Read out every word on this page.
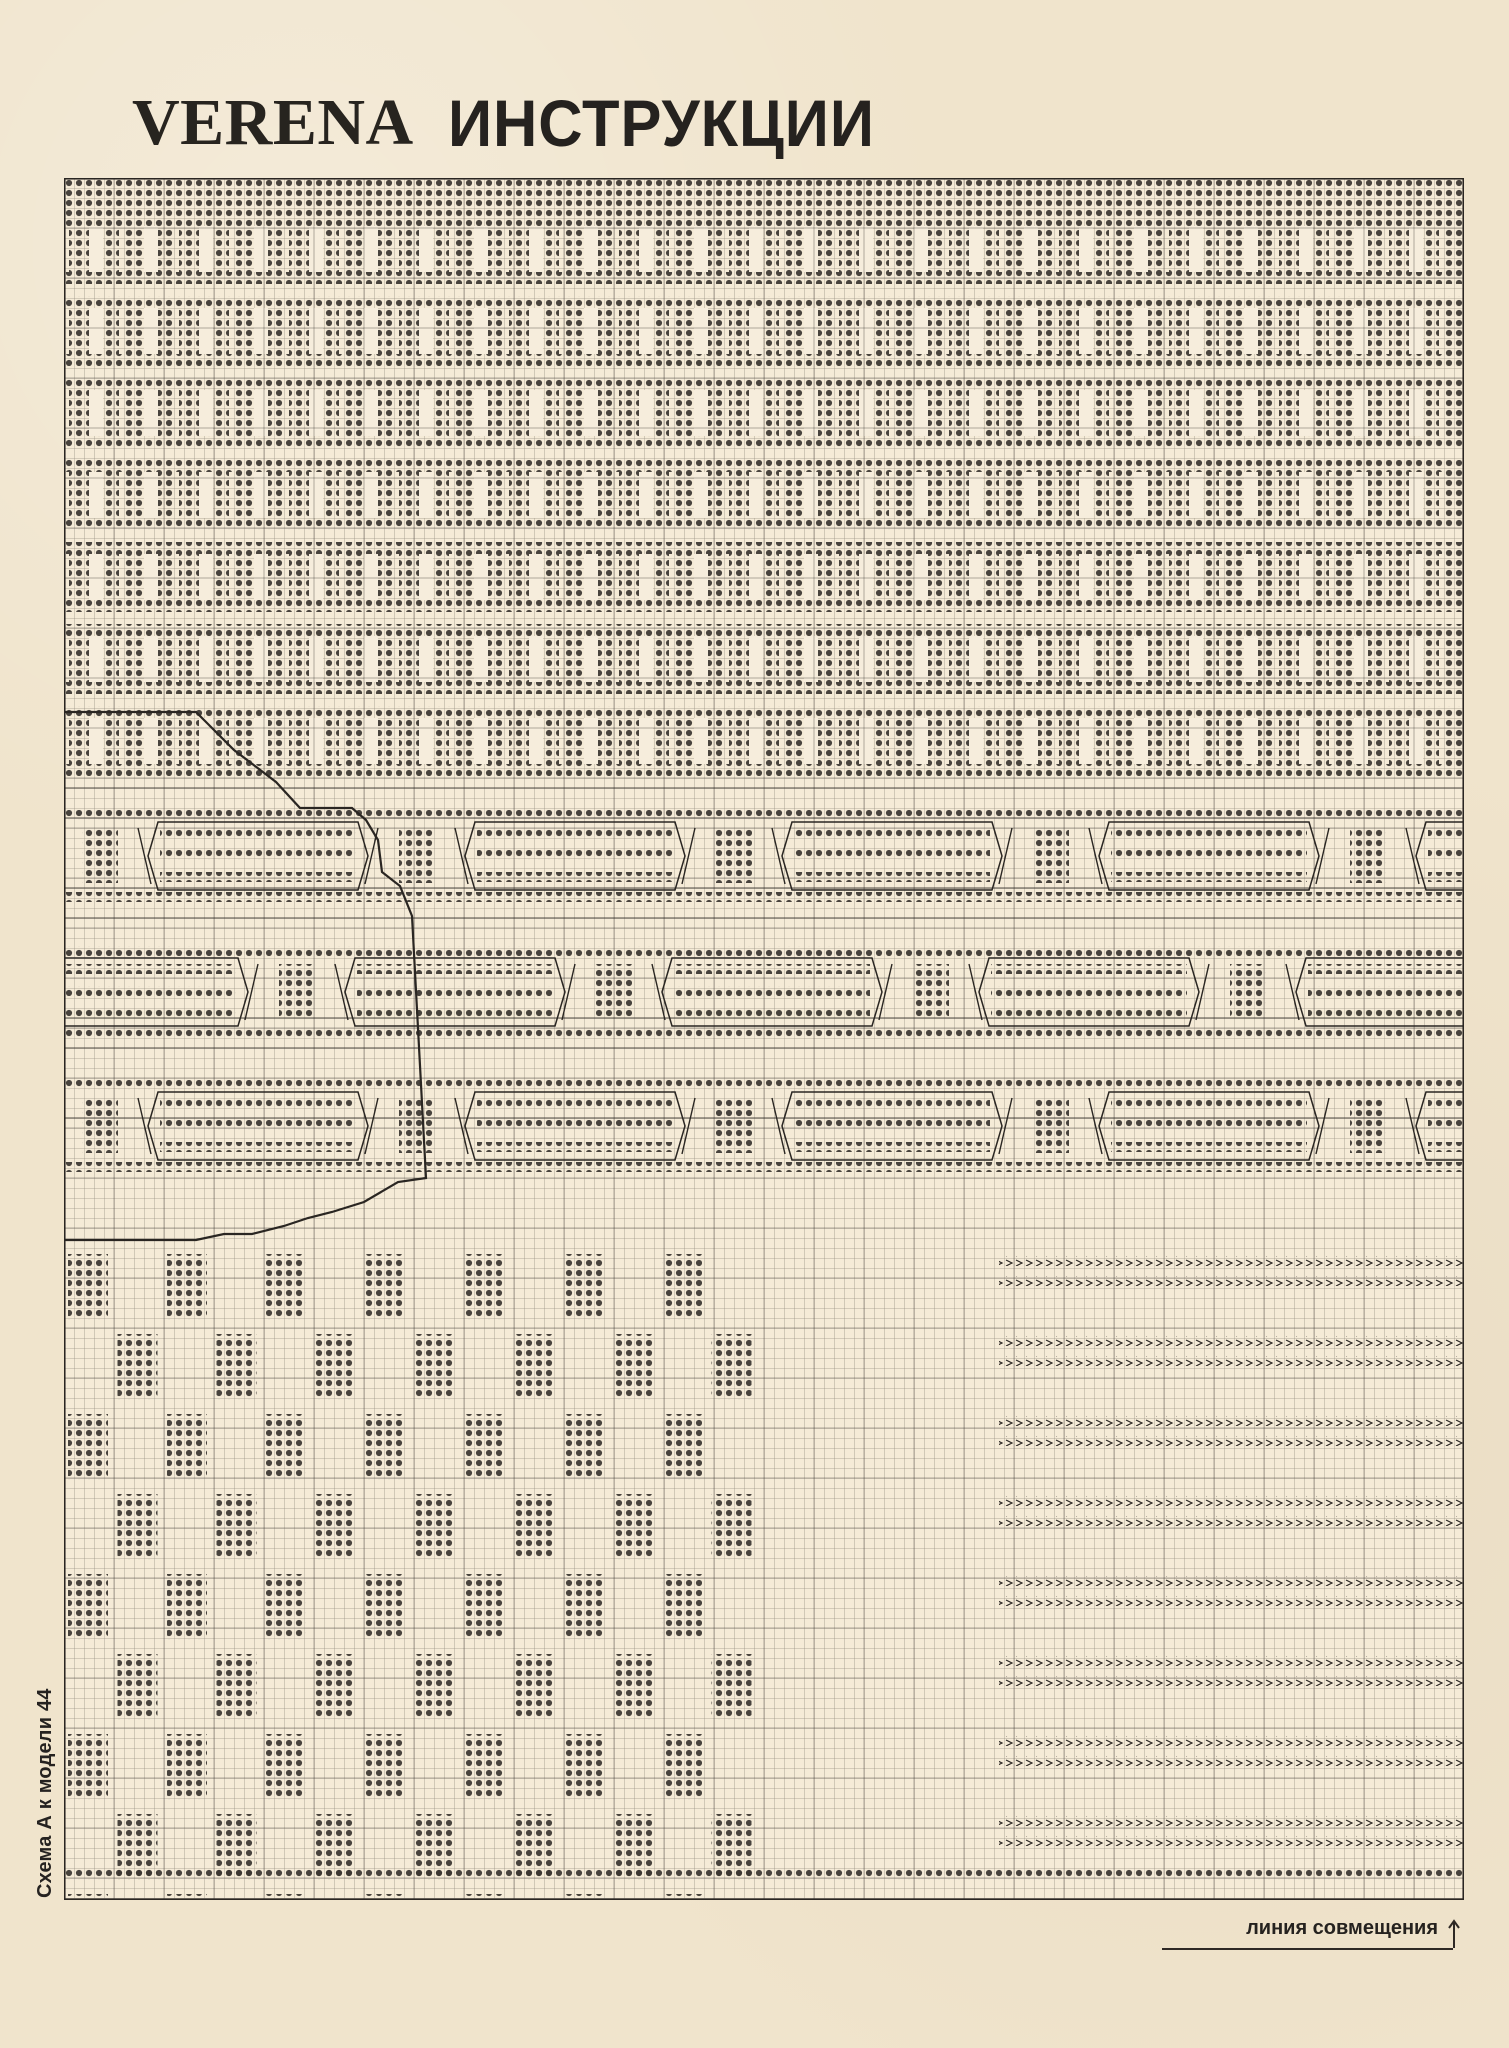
VERENA ИНСТРУКЦИИ
Схема А к модели 44
линия совмещения
